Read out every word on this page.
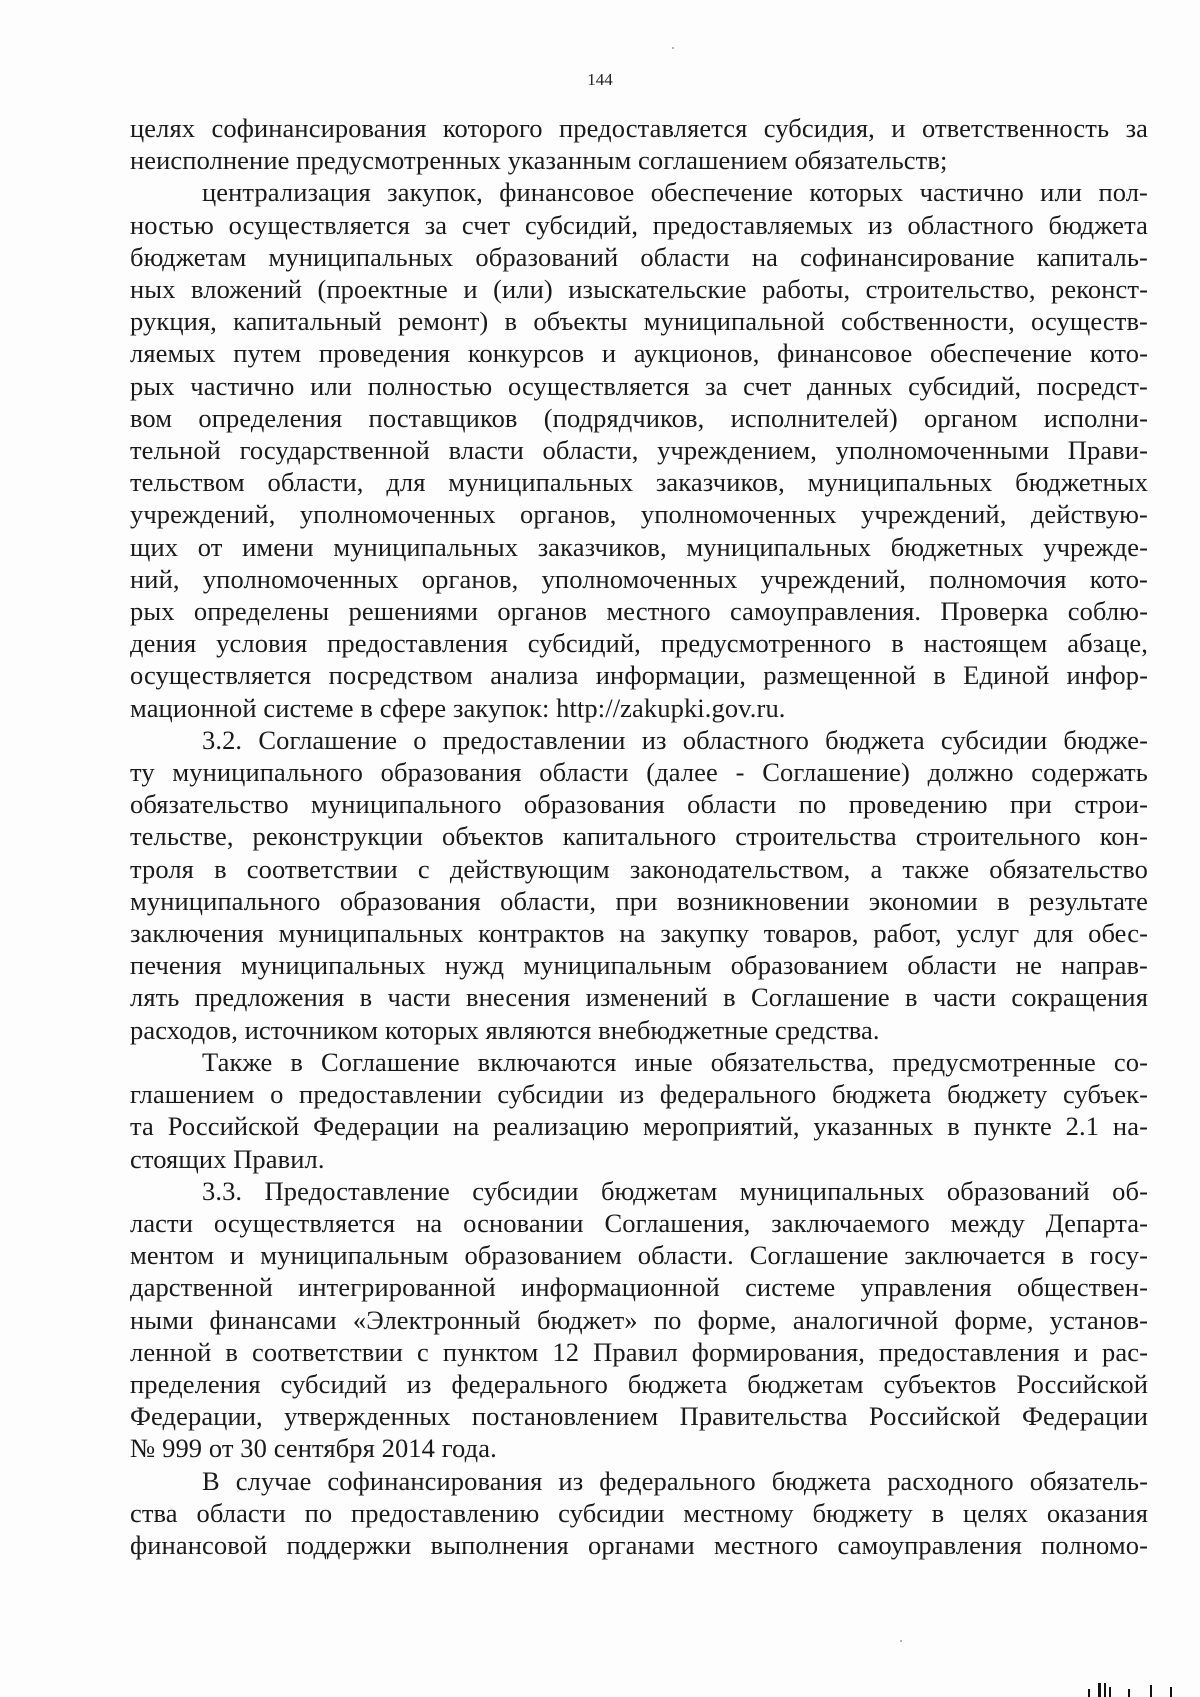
144

целях софинансирования которого предоставляется субсидия, и ответственность за
неисполнение предусмотренных указанным соглашением обязательств;

централизация закупок, финансовое обеспечение которых частично или пол-
ностью осуществляется за счет субсидий, предоставляемых из областного бюджета
бюджетам муниципальных образований области на софинансирование капиталь-
ных вложений (проектные и (или) изыскательские работы, строительство, реконст-
рукция, капитальный ремонт) в объекты муниципальной собственности, осуществ-
ляемых путем проведения конкурсов и аукционов, финансовое обеспечение кото-
рых частично или полностью осуществляется за счет данных субсидий, посредст-
вом определения поставщиков (подрядчиков, исполнителей) органом исполни-
тельной государственной власти области, учреждением, уполномоченными Прави-
тельством области, для муниципальных заказчиков, муниципальных бюджетных
учреждений, уполномоченных органов, уполномоченных учреждений, действую-
щих от имени муниципальных заказчиков, муниципальных бюджетных учрежде-
ний, уполномоченных органов, уполномоченных учреждений, полномочия кото-
рых определены решениями органов местного самоуправления. Проверка соблю-
дения условия предоставления субсидий, предусмотренного в настоящем абзаце,
осуществляется посредством анализа информации, размещенной в Единой инфор-
мационной системе в сфере закупок: http://zakupki.gov.ru.

3.2. Соглашение о предоставлении из областного бюджета субсидии бюдже-
ту муниципального образования области (далее - Соглашение) должно содержать
обязательство муниципального образования области по проведению при строи-
тельстве, реконструкции объектов капитального строительства строительного кон-
троля в соответствии с действующим законодательством, а также обязательство
муниципального образования области, при возникновении экономии в результате
заключения муниципальных контрактов на закупку товаров, работ, услуг для обес-
печения муниципальных нужд муниципальным образованием области не направ-
лять предложения в части внесения изменений в Соглашение в части сокращения
расходов, источником которых являются внебюджетные средства.

Также в Соглашение включаются иные обязательства, предусмотренные со-
глашением о предоставлении субсидии из федерального бюджета бюджету субъек-
та Российской Федерации на реализацию мероприятий, указанных в пункте 2.1 на-
стоящих Правил.

3.3. Предоставление субсидии бюджетам муниципальных образований об-
ласти осуществляется на основании Соглашения, заключаемого между Департа-
ментом и муниципальным образованием области. Соглашение заключается в госу-
дарственной интегрированной информационной системе управления обществен-
ными финансами «Электронный бюджет» по форме, аналогичной форме, установ-
ленной в соответствии с пунктом 12 Правил формирования, предоставления и рас-
пределения субсидий из федерального бюджета бюджетам субъектов Российской
Федерации, утвержденных постановлением Правительства Российской Федерации
№ 999 от 30 сентября 2014 года.

В случае софинансирования из федерального бюджета расходного обязатель-
ства области по предоставлению субсидии местному бюджету в целях оказания
финансовой поддержки выполнения органами местного самоуправления полномо-
